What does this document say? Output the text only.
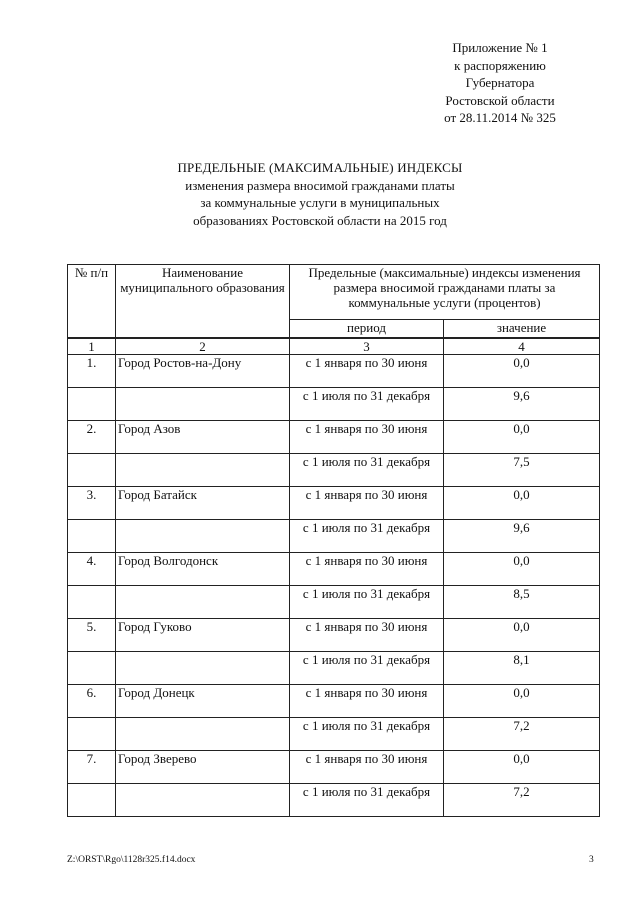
Приложение № 1
к распоряжению
Губернатора
Ростовской области
от 28.11.2014 № 325
ПРЕДЕЛЬНЫЕ (МАКСИМАЛЬНЫЕ) ИНДЕКСЫ
изменения размера вносимой гражданами платы
за коммунальные услуги в муниципальных
образованиях Ростовской области на 2015 год
№ п/п	Наименование муниципального образования	Предельные (максимальные) индексы изменения размера вносимой гражданами платы за коммунальные услуги (процентов)	
		период	значение
1	2	3	4
1.	Город Ростов-на-Дону	с 1 января по 30 июня	0,0
		с 1 июля по 31 декабря	9,6
2.	Город Азов	с 1 января по 30 июня	0,0
		с 1 июля по 31 декабря	7,5
3.	Город Батайск	с 1 января по 30 июня	0,0
		с 1 июля по 31 декабря	9,6
4.	Город Волгодонск	с 1 января по 30 июня	0,0
		с 1 июля по 31 декабря	8,5
5.	Город Гуково	с 1 января по 30 июня	0,0
		с 1 июля по 31 декабря	8,1
6.	Город Донецк	с 1 января по 30 июня	0,0
		с 1 июля по 31 декабря	7,2
7.	Город Зверево	с 1 января по 30 июня	0,0
		с 1 июля по 31 декабря	7,2
Z:\ORST\Rgo\1128r325.f14.docx	3
